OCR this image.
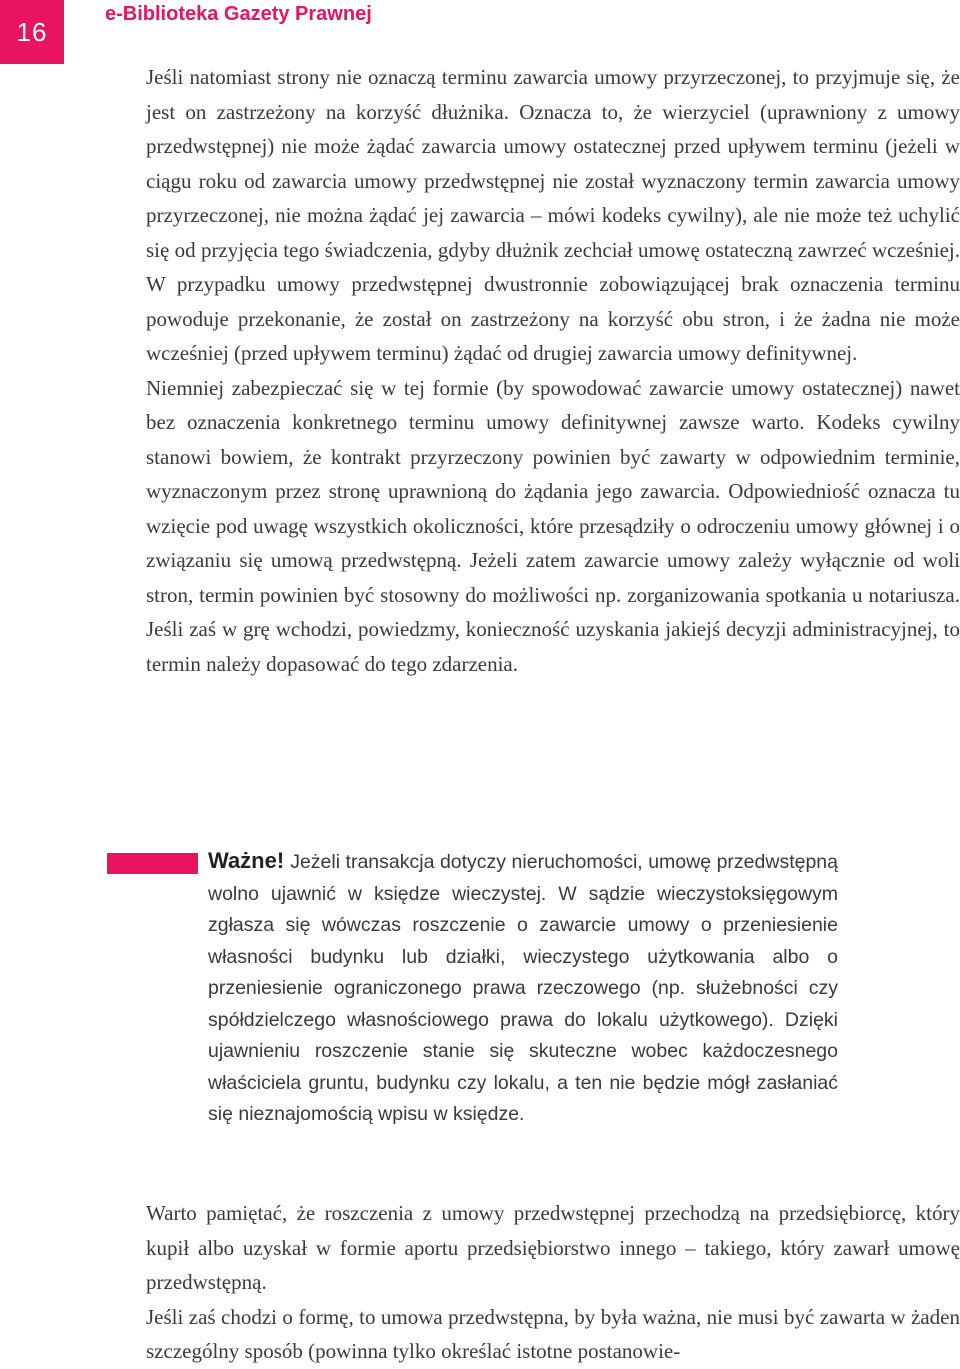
16
e-Biblioteka Gazety Prawnej

Jeśli natomiast strony nie oznaczą terminu zawarcia umowy przyrzeczonej, to przyjmuje się, że jest on zastrzeżony na korzyść dłużnika. Oznacza to, że wierzyciel (uprawniony z umowy przedwstępnej) nie może żądać zawarcia umowy ostatecznej przed upływem terminu (jeżeli w ciągu roku od zawarcia umowy przedwstępnej nie został wyznaczony termin zawarcia umowy przyrzeczonej, nie można żądać jej zawarcia – mówi kodeks cywilny), ale nie może też uchylić się od przyjęcia tego świadczenia, gdyby dłużnik zechciał umowę ostateczną zawrzeć wcześniej. W przypadku umowy przedwstępnej dwustronnie zobowiązującej brak oznaczenia terminu powoduje przekonanie, że został on zastrzeżony na korzyść obu stron, i że żadna nie może wcześniej (przed upływem terminu) żądać od drugiej zawarcia umowy definitywnej.

Niemniej zabezpieczać się w tej formie (by spowodować zawarcie umowy ostatecznej) nawet bez oznaczenia konkretnego terminu umowy definitywnej zawsze warto. Kodeks cywilny stanowi bowiem, że kontrakt przyrzeczony powinien być zawarty w odpowiednim terminie, wyznaczonym przez stronę uprawnioną do żądania jego zawarcia. Odpowiedniość oznacza tu wzięcie pod uwagę wszystkich okoliczności, które przesądziły o odroczeniu umowy głównej i o związaniu się umową przedwstępną. Jeżeli zatem zawarcie umowy zależy wyłącznie od woli stron, termin powinien być stosowny do możliwości np. zorganizowania spotkania u notariusza. Jeśli zaś w grę wchodzi, powiedzmy, konieczność uzyskania jakiejś decyzji administracyjnej, to termin należy dopasować do tego zdarzenia.

Ważne! Jeżeli transakcja dotyczy nieruchomości, umowę przedwstępną wolno ujawnić w księdze wieczystej. W sądzie wieczystoksięgowym zgłasza się wówczas roszczenie o zawarcie umowy o przeniesienie własności budynku lub działki, wieczystego użytkowania albo o przeniesienie ograniczonego prawa rzeczowego (np. służebności czy spółdzielczego własnościowego prawa do lokalu użytkowego). Dzięki ujawnieniu roszczenie stanie się skuteczne wobec każdoczesnego właściciela gruntu, budynku czy lokalu, a ten nie będzie mógł zasłaniać się nieznajomością wpisu w księdze.

Warto pamiętać, że roszczenia z umowy przedwstępnej przechodzą na przedsiębiorcę, który kupił albo uzyskał w formie aportu przedsiębiorstwo innego – takiego, który zawarł umowę przedwstępną.

Jeśli zaś chodzi o formę, to umowa przedwstępna, by była ważna, nie musi być zawarta w żaden szczególny sposób (powinna tylko określać istotne postanowie-
